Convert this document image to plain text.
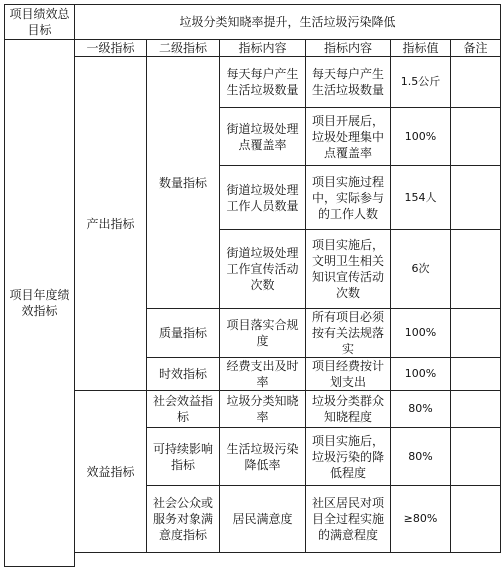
项目绩效总目标	垃圾分类知晓率提升，生活垃圾污染降低					
项目年度绩效指标	一级指标	二级指标	指标内容	指标内容	指标值	备注
	产出指标	数量指标	每天每户产生生活垃圾数量	每天每户产生生活垃圾数量	1.5公斤	
			街道垃圾处理点覆盖率	项目开展后，垃圾处理集中点覆盖率	100%	
			街道垃圾处理工作人员数量	项目实施过程中，实际参与的工作人数	154人	
			街道垃圾处理工作宣传活动次数	项目实施后，文明卫生相关知识宣传活动次数	6次	
		质量指标	项目落实合规度	所有项目必须按有关法规落实	100%	
		时效指标	经费支出及时率	项目经费按计划支出	100%	
	效益指标	社会效益指标	垃圾分类知晓率	垃圾分类群众知晓程度	80%	
		可持续影响指标	生活垃圾污染降低率	项目实施后，垃圾污染的降低程度	80%	
		社会公众或服务对象满意度指标	居民满意度	社区居民对项目全过程实施的满意程度	≥80%	
